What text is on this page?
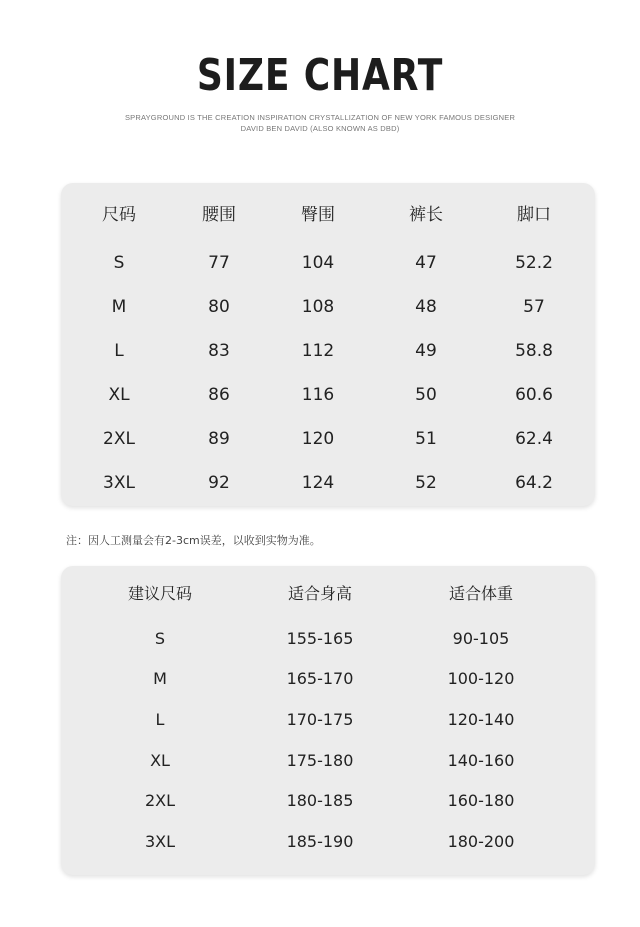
SIZE CHART
SPRAYGROUND IS THE CREATION INSPIRATION CRYSTALLIZATION OF NEW YORK FAMOUS DESIGNER
DAVID BEN DAVID (ALSO KNOWN AS DBD)
尺码	腰围	臀围	裤长	脚口
S	77	104	47	52.2
M	80	108	48	57
L	83	112	49	58.8
XL	86	116	50	60.6
2XL	89	120	51	62.4
3XL	92	124	52	64.2
注：因人工测量会有2-3cm误差，以收到实物为准。
建议尺码	适合身高	适合体重
S	155-165	90-105
M	165-170	100-120
L	170-175	120-140
XL	175-180	140-160
2XL	180-185	160-180
3XL	185-190	180-200
